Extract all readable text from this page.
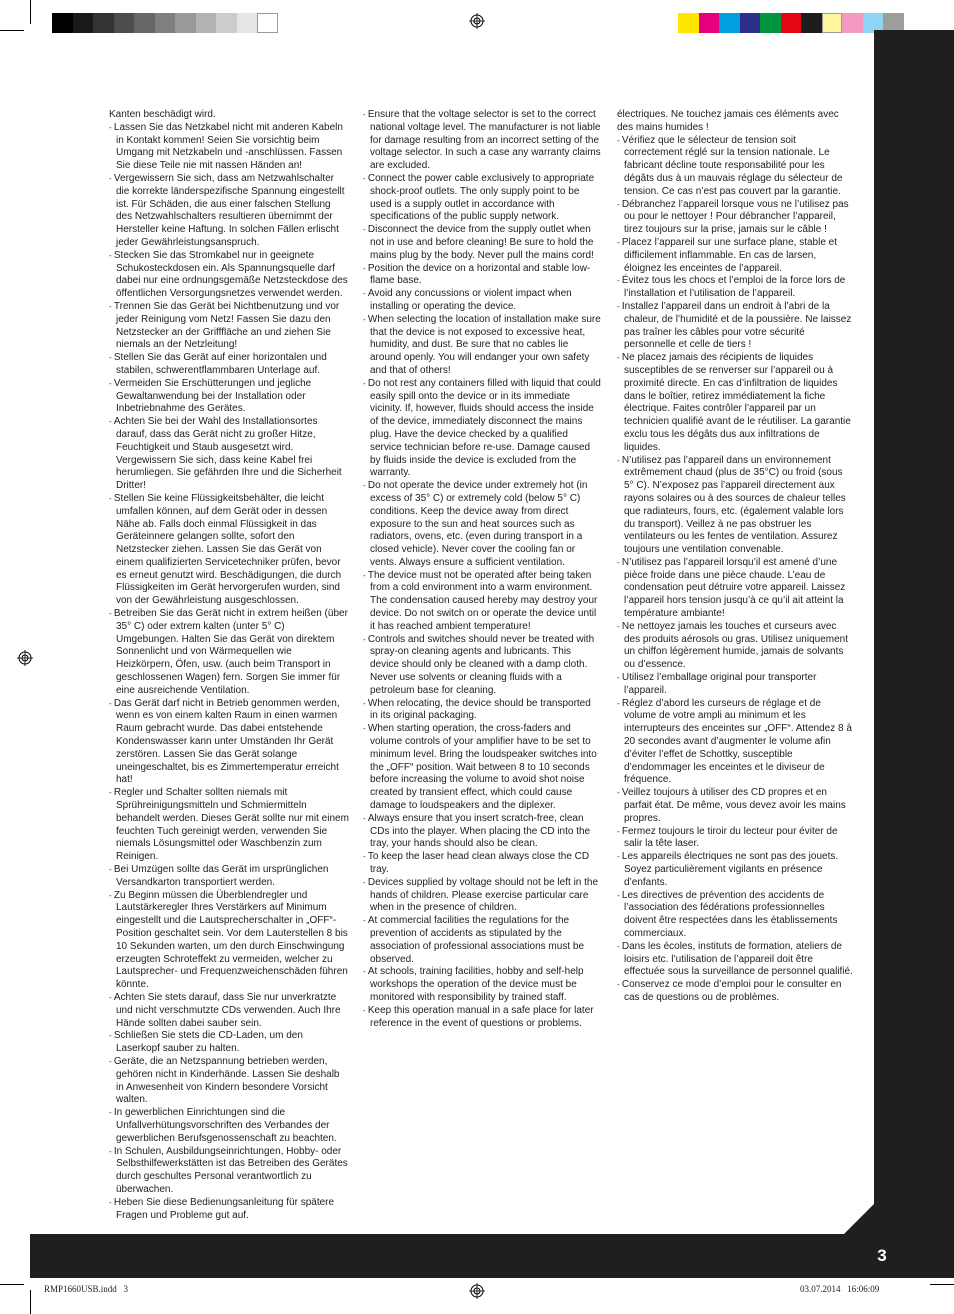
3

Kanten beschädigt wird.

- Lassen Sie das Netzkabel nicht mit anderen Kabeln in Kontakt kommen! Seien Sie vorsichtig beim Umgang mit Netzkabeln und -anschlüssen. Fassen Sie diese Teile nie mit nassen Händen an!

- Vergewissern Sie sich, dass am Netzwahlschalter die korrekte länderspezifische Spannung eingestellt ist. Für Schäden, die aus einer falschen Stellung des Netzwahlschalters resultieren übernimmt der Hersteller keine Haftung. In solchen Fällen erlischt jeder Gewährleistungsanspruch.

- Stecken Sie das Stromkabel nur in geeignete Schukosteckdosen ein. Als Spannungsquelle darf dabei nur eine ordnungsgemäße Netzsteckdose des öffentlichen Versorgungsnetzes verwendet werden.

- Trennen Sie das Gerät bei Nichtbenutzung und vor jeder Reinigung vom Netz! Fassen Sie dazu den Netzstecker an der Grifffläche an und ziehen Sie niemals an der Netzleitung!

- Stellen Sie das Gerät auf einer horizontalen und stabilen, schwerentflammbaren Unterlage auf.

- Vermeiden Sie Erschütterungen und jegliche Gewaltanwendung bei der Installation oder Inbetriebnahme des Gerätes.

- Achten Sie bei der Wahl des Installationsortes darauf, dass das Gerät nicht zu großer Hitze, Feuchtigkeit und Staub ausgesetzt wird. Vergewissern Sie sich, dass keine Kabel frei herumliegen. Sie gefährden Ihre und die Sicherheit Dritter!

- Stellen Sie keine Flüssigkeitsbehälter, die leicht umfallen können, auf dem Gerät oder in dessen Nähe ab. Falls doch einmal Flüssigkeit in das Geräteinnere gelangen sollte, sofort den Netzstecker ziehen. Lassen Sie das Gerät von einem qualifizierten Servicetechniker prüfen, bevor es erneut genutzt wird. Beschädigungen, die durch Flüssigkeiten im Gerät hervorgerufen wurden, sind von der Gewährleistung ausgeschlossen.

- Betreiben Sie das Gerät nicht in extrem heißen (über 35° C) oder extrem kalten (unter 5° C) Umgebungen. Halten Sie das Gerät von direktem Sonnenlicht und von Wärmequellen wie Heizkörpern, Öfen, usw. (auch beim Transport in geschlossenen Wagen) fern. Sorgen Sie immer für eine ausreichende Ventilation.

- Das Gerät darf nicht in Betrieb genommen werden, wenn es von einem kalten Raum in einen warmen Raum gebracht wurde. Das dabei entstehende Kondenswasser kann unter Umständen Ihr Gerät zerstören. Lassen Sie das Gerät solange uneingeschaltet, bis es Zimmertemperatur erreicht hat!

- Regler und Schalter sollten niemals mit Sprühreinigungsmitteln und Schmiermitteln behandelt werden. Dieses Gerät sollte nur mit einem feuchten Tuch gereinigt werden, verwenden Sie niemals Lösungsmittel oder Waschbenzin zum Reinigen.

- Bei Umzügen sollte das Gerät im ursprünglichen Versandkarton transportiert werden.

- Zu Beginn müssen die Überblendregler und Lautstärkeregler Ihres Verstärkers auf Minimum eingestellt und die Lautsprecherschalter in „OFF“-Position geschaltet sein. Vor dem Lauterstellen 8 bis 10 Sekunden warten, um den durch Einschwingung erzeugten Schroteffekt zu vermeiden, welcher zu Lautsprecher- und Frequenzweichenschäden führen könnte.

- Achten Sie stets darauf, dass Sie nur unverkratzte und nicht verschmutzte CDs verwenden. Auch Ihre Hände sollten dabei sauber sein.

- Schließen Sie stets die CD-Laden, um den Laserkopf sauber zu halten.

- Geräte, die an Netzspannung betrieben werden, gehören nicht in Kinderhände. Lassen Sie deshalb in Anwesenheit von Kindern besondere Vorsicht walten.

- In gewerblichen Einrichtungen sind die Unfallverhütungsvorschriften des Verbandes der gewerblichen Berufsgenossenschaft zu beachten.

- In Schulen, Ausbildungseinrichtungen, Hobby- oder Selbsthilfewerkstätten ist das Betreiben des Gerätes durch geschultes Personal verantwortlich zu überwachen.

- Heben Sie diese Bedienungsanleitung für spätere Fragen und Probleme gut auf.

- Ensure that the voltage selector is set to the correct national voltage level. The manufacturer is not liable for damage resulting from an incorrect setting of the voltage selector. In such a case any warranty claims are excluded.

- Connect the power cable exclusively to appropriate shock-proof outlets. The only supply point to be used is a supply outlet in accordance with specifications of the public supply network.

- Disconnect the device from the supply outlet when not in use and before cleaning! Be sure to hold the mains plug by the body. Never pull the mains cord!

- Position the device on a horizontal and stable low-flame base.

- Avoid any concussions or violent impact when installing or operating the device.

- When selecting the location of installation make sure that the device is not exposed to excessive heat, humidity, and dust. Be sure that no cables lie around openly. You will endanger your own safety and that of others!

- Do not rest any containers filled with liquid that could easily spill onto the device or in its immediate vicinity. If, however, fluids should access the inside of the device, immediately disconnect the mains plug. Have the device checked by a qualified service technician before re-use. Damage caused by fluids inside the device is excluded from the warranty.

- Do not operate the device under extremely hot (in excess of 35° C) or extremely cold (below 5° C) conditions. Keep the device away from direct exposure to the sun and heat sources such as radiators, ovens, etc. (even during transport in a closed vehicle). Never cover the cooling fan or vents. Always ensure a sufficient ventilation.

- The device must not be operated after being taken from a cold environment into a warm environment. The condensation caused hereby may destroy your device. Do not switch on or operate the device until it has reached ambient temperature!

- Controls and switches should never be treated with spray-on cleaning agents and lubricants. This device should only be cleaned with a damp cloth. Never use solvents or cleaning fluids with a petroleum base for cleaning.

- When relocating, the device should be transported in its original packaging.

- When starting operation, the cross-faders and volume controls of your amplifier have to be set to minimum level. Bring the loudspeaker switches into the „OFF“ position. Wait between 8 to 10 seconds before increasing the volume to avoid shot noise created by transient effect, which could cause damage to loudspeakers and the diplexer.

- Always ensure that you insert scratch-free, clean CDs into the player. When placing the CD into the tray, your hands should also be clean.

- To keep the laser head clean always close the CD tray.

- Devices supplied by voltage should not be left in the hands of children. Please exercise particular care when in the presence of children.

- At commercial facilities the regulations for the prevention of accidents as stipulated by the association of professional associations must be observed.

- At schools, training facilities, hobby and self-help workshops the operation of the device must be monitored with responsibility by trained staff.

- Keep this operation manual in a safe place for later reference in the event of questions or problems.

électriques. Ne touchez jamais ces éléments avec des mains humides !

- Vérifiez que le sélecteur de tension soit correctement réglé sur la tension nationale. Le fabricant décline toute responsabilité pour les dégâts dus à un mauvais réglage du sélecteur de tension. Ce cas n’est pas couvert par la garantie.

- Débranchez l’appareil lorsque vous ne l’utilisez pas ou pour le nettoyer ! Pour débrancher l’appareil, tirez toujours sur la prise, jamais sur le câble !

- Placez l’appareil sur une surface plane, stable et difficilement inflammable. En cas de larsen, éloignez les enceintes de l’appareil.

- Évitez tous les chocs et l’emploi de la force lors de l’installation et l’utilisation de l’appareil.

- Installez l’appareil dans un endroit à l’abri de la chaleur, de l’humidité et de la poussière. Ne laissez pas traîner les câbles pour votre sécurité personnelle et celle de tiers !

- Ne placez jamais des récipients de liquides susceptibles de se renverser sur l’appareil ou à proximité directe. En cas d’infiltration de liquides dans le boîtier, retirez immédiatement la fiche électrique. Faites contrôler l’appareil par un technicien qualifié avant de le réutiliser. La garantie exclu tous les dégâts dus aux infiltrations de liquides.

- N’utilisez pas l’appareil dans un environnement extrêmement chaud (plus de 35°C) ou froid (sous 5° C). N’exposez pas l’appareil directement aux rayons solaires ou à des sources de chaleur telles que radiateurs, fours, etc. (également valable lors du transport). Veillez à ne pas obstruer les ventilateurs ou les fentes de ventilation. Assurez toujours une ventilation convenable.

- N’utilisez pas l’appareil lorsqu’il est amené d’une pièce froide dans une pièce chaude. L’eau de condensation peut détruire votre appareil. Laissez l’appareil hors tension jusqu’à ce qu’il ait atteint la température ambiante!

- Ne nettoyez jamais les touches et curseurs avec des produits aérosols ou gras. Utilisez uniquement un chiffon légèrement humide, jamais de solvants ou d’essence.

- Utilisez l’emballage original pour transporter l’appareil.

- Réglez d’abord les curseurs de réglage et de volume de votre ampli au minimum et les interrupteurs des enceintes sur „OFF“. Attendez 8 à 20 secondes avant d’augmenter le volume afin d’éviter l’effet de Schottky, susceptible d’endommager les enceintes et le diviseur de fréquence.

- Veillez toujours à utiliser des CD propres et en parfait état. De même, vous devez avoir les mains propres.

- Fermez toujours le tiroir du lecteur pour éviter de salir la tête laser.

- Les appareils électriques ne sont pas des jouets. Soyez particulièrement vigilants en présence d’enfants.

- Les directives de prévention des accidents de l’association des fédérations professionnelles doivent être respectées dans les établissements commerciaux.

- Dans les écoles, instituts de formation, ateliers de loisirs etc. l’utilisation de l’appareil doit être effectuée sous la surveillance de personnel qualifié.

- Conservez ce mode d’emploi pour le consulter en cas de questions ou de problèmes.

RMP1660USB.indd   3	03.07.2014   16:06:09
